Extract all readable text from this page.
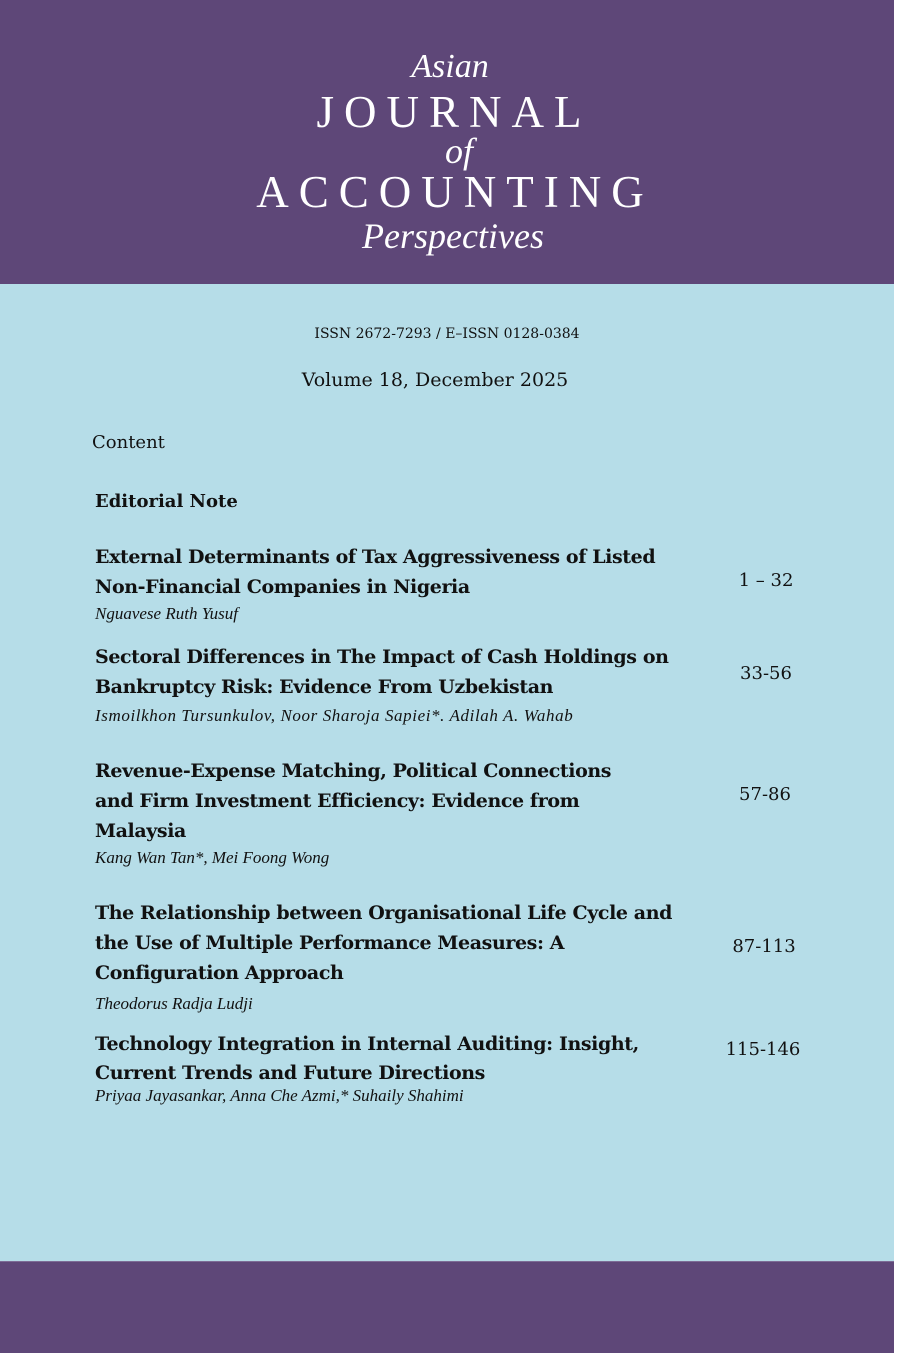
Asian
JOURNAL
of
ACCOUNTING
Perspectives
ISSN 2672-7293 / E–ISSN 0128-0384
Volume 18, December 2025
Content
Editorial Note
External Determinants of Tax Aggressiveness of Listed
Non-Financial Companies in Nigeria
Nguavese Ruth Yusuf
1 – 32
Sectoral Differences in The Impact of Cash Holdings on
Bankruptcy Risk: Evidence From Uzbekistan
Ismoilkhon Tursunkulov, Noor Sharoja Sapiei*. Adilah A. Wahab
33-56
Revenue-Expense Matching, Political Connections
and Firm Investment Efficiency: Evidence from
Malaysia
Kang Wan Tan*, Mei Foong Wong
57-86
The Relationship between Organisational Life Cycle and
the Use of Multiple Performance Measures: A
Configuration Approach
Theodorus Radja Ludji
87-113
Technology Integration in Internal Auditing: Insight,
Current Trends and Future Directions
Priyaa Jayasankar, Anna Che Azmi,* Suhaily Shahimi
115-146
